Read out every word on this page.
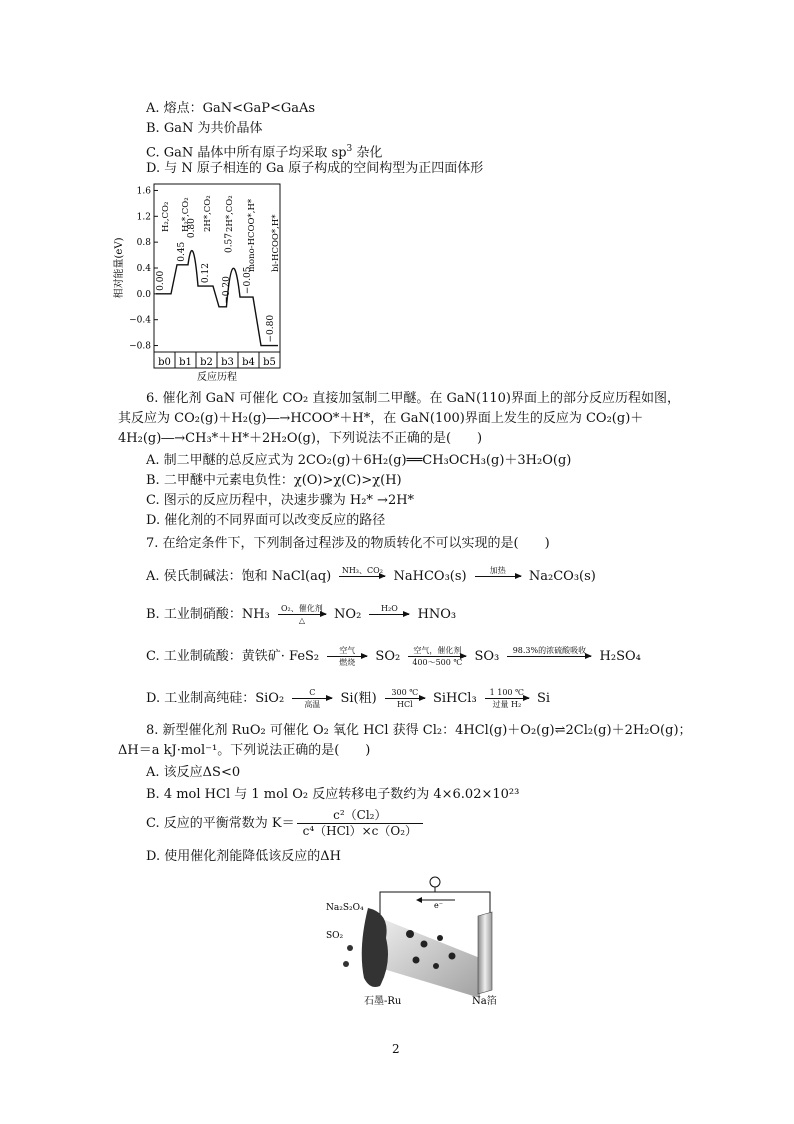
A. 熔点：GaN<GaP<GaAs
B. GaN 为共价晶体
C. GaN 晶体中所有原子均采取 $sp^3$ 杂化
D. 与 N 原子相连的 Ga 原子构成的空间构型为正四面体形
1.6
1.2
0.8
0.4
0.0
−0.4
−0.8
相对能量(eV)
b0 b1 b2 b3 b4 b5
反应历程
0.00
0.45
0.80
0.12
−0.20
0.57
−0.05
−0.80
H₂,CO₂ H₂*,CO₂ 2H*,CO₂ 2H*,CO₂ mono-HCOO*,H* bi-HCOO*,H*
6. 催化剂 GaN 可催化 CO₂ 直接加氢制二甲醚。在 GaN(110)界面上的部分反应历程如图，
其反应为 CO₂(g)＋H₂(g)―→HCOO*＋H*，在 GaN(100)界面上发生的反应为 CO₂(g)＋
4H₂(g)―→CH₃*＋H*＋2H₂O(g)，下列说法不正确的是(　　)
A. 制二甲醚的总反应式为 2CO₂(g)＋6H₂(g)══CH₃OCH₃(g)＋3H₂O(g)
B. 二甲醚中元素电负性：χ(O)>χ(C)>χ(H)
C. 图示的反应历程中，决速步骤为 H₂* →2H*
D. 催化剂的不同界面可以改变反应的路径
7. 在给定条件下，下列制备过程涉及的物质转化不可以实现的是(　　)
A. 侯氏制碱法：饱和 NaCl(aq)	NH₃、CO₂
NaHCO₃(s)	加热
	Na₂CO₃(s)
B. 工业制硝酸：NH₃	O₂、催化剂
△	NO₂	H₂O
	HNO₃
C. 工业制硫酸：黄铁矿· FeS₂	空气
燃烧	SO₂	空气，催化剂
400～500 ℃ SO₃	98.3%的浓硫酸吸收
	H₂SO₄
D. 工业制高纯硅：SiO₂	C
高温	Si(粗)	300 ℃
HCl	SiHCl₃	1 100 ℃
过量 H₂	Si
8. 新型催化剂 RuO₂ 可催化 O₂ 氧化 HCl 获得 Cl₂：4HCl(g)＋O₂(g)⇌2Cl₂(g)＋2H₂O(g)；
ΔH＝a kJ·mol⁻¹。下列说法正确的是(　　)
A. 该反应ΔS<0
B. 4 mol HCl 与 1 mol O₂ 反应转移电子数约为 4×6.02×10²³
C. 反应的平衡常数为 $K= \frac{\text{c²（Cl₂）}}{\text{c⁴（HCl）×c（O₂）}}$
D. 使用催化剂能降低该反应的ΔH
e⁻
Na₂S₂O₄
SO₂
石墨-Ru	Na箔
2
